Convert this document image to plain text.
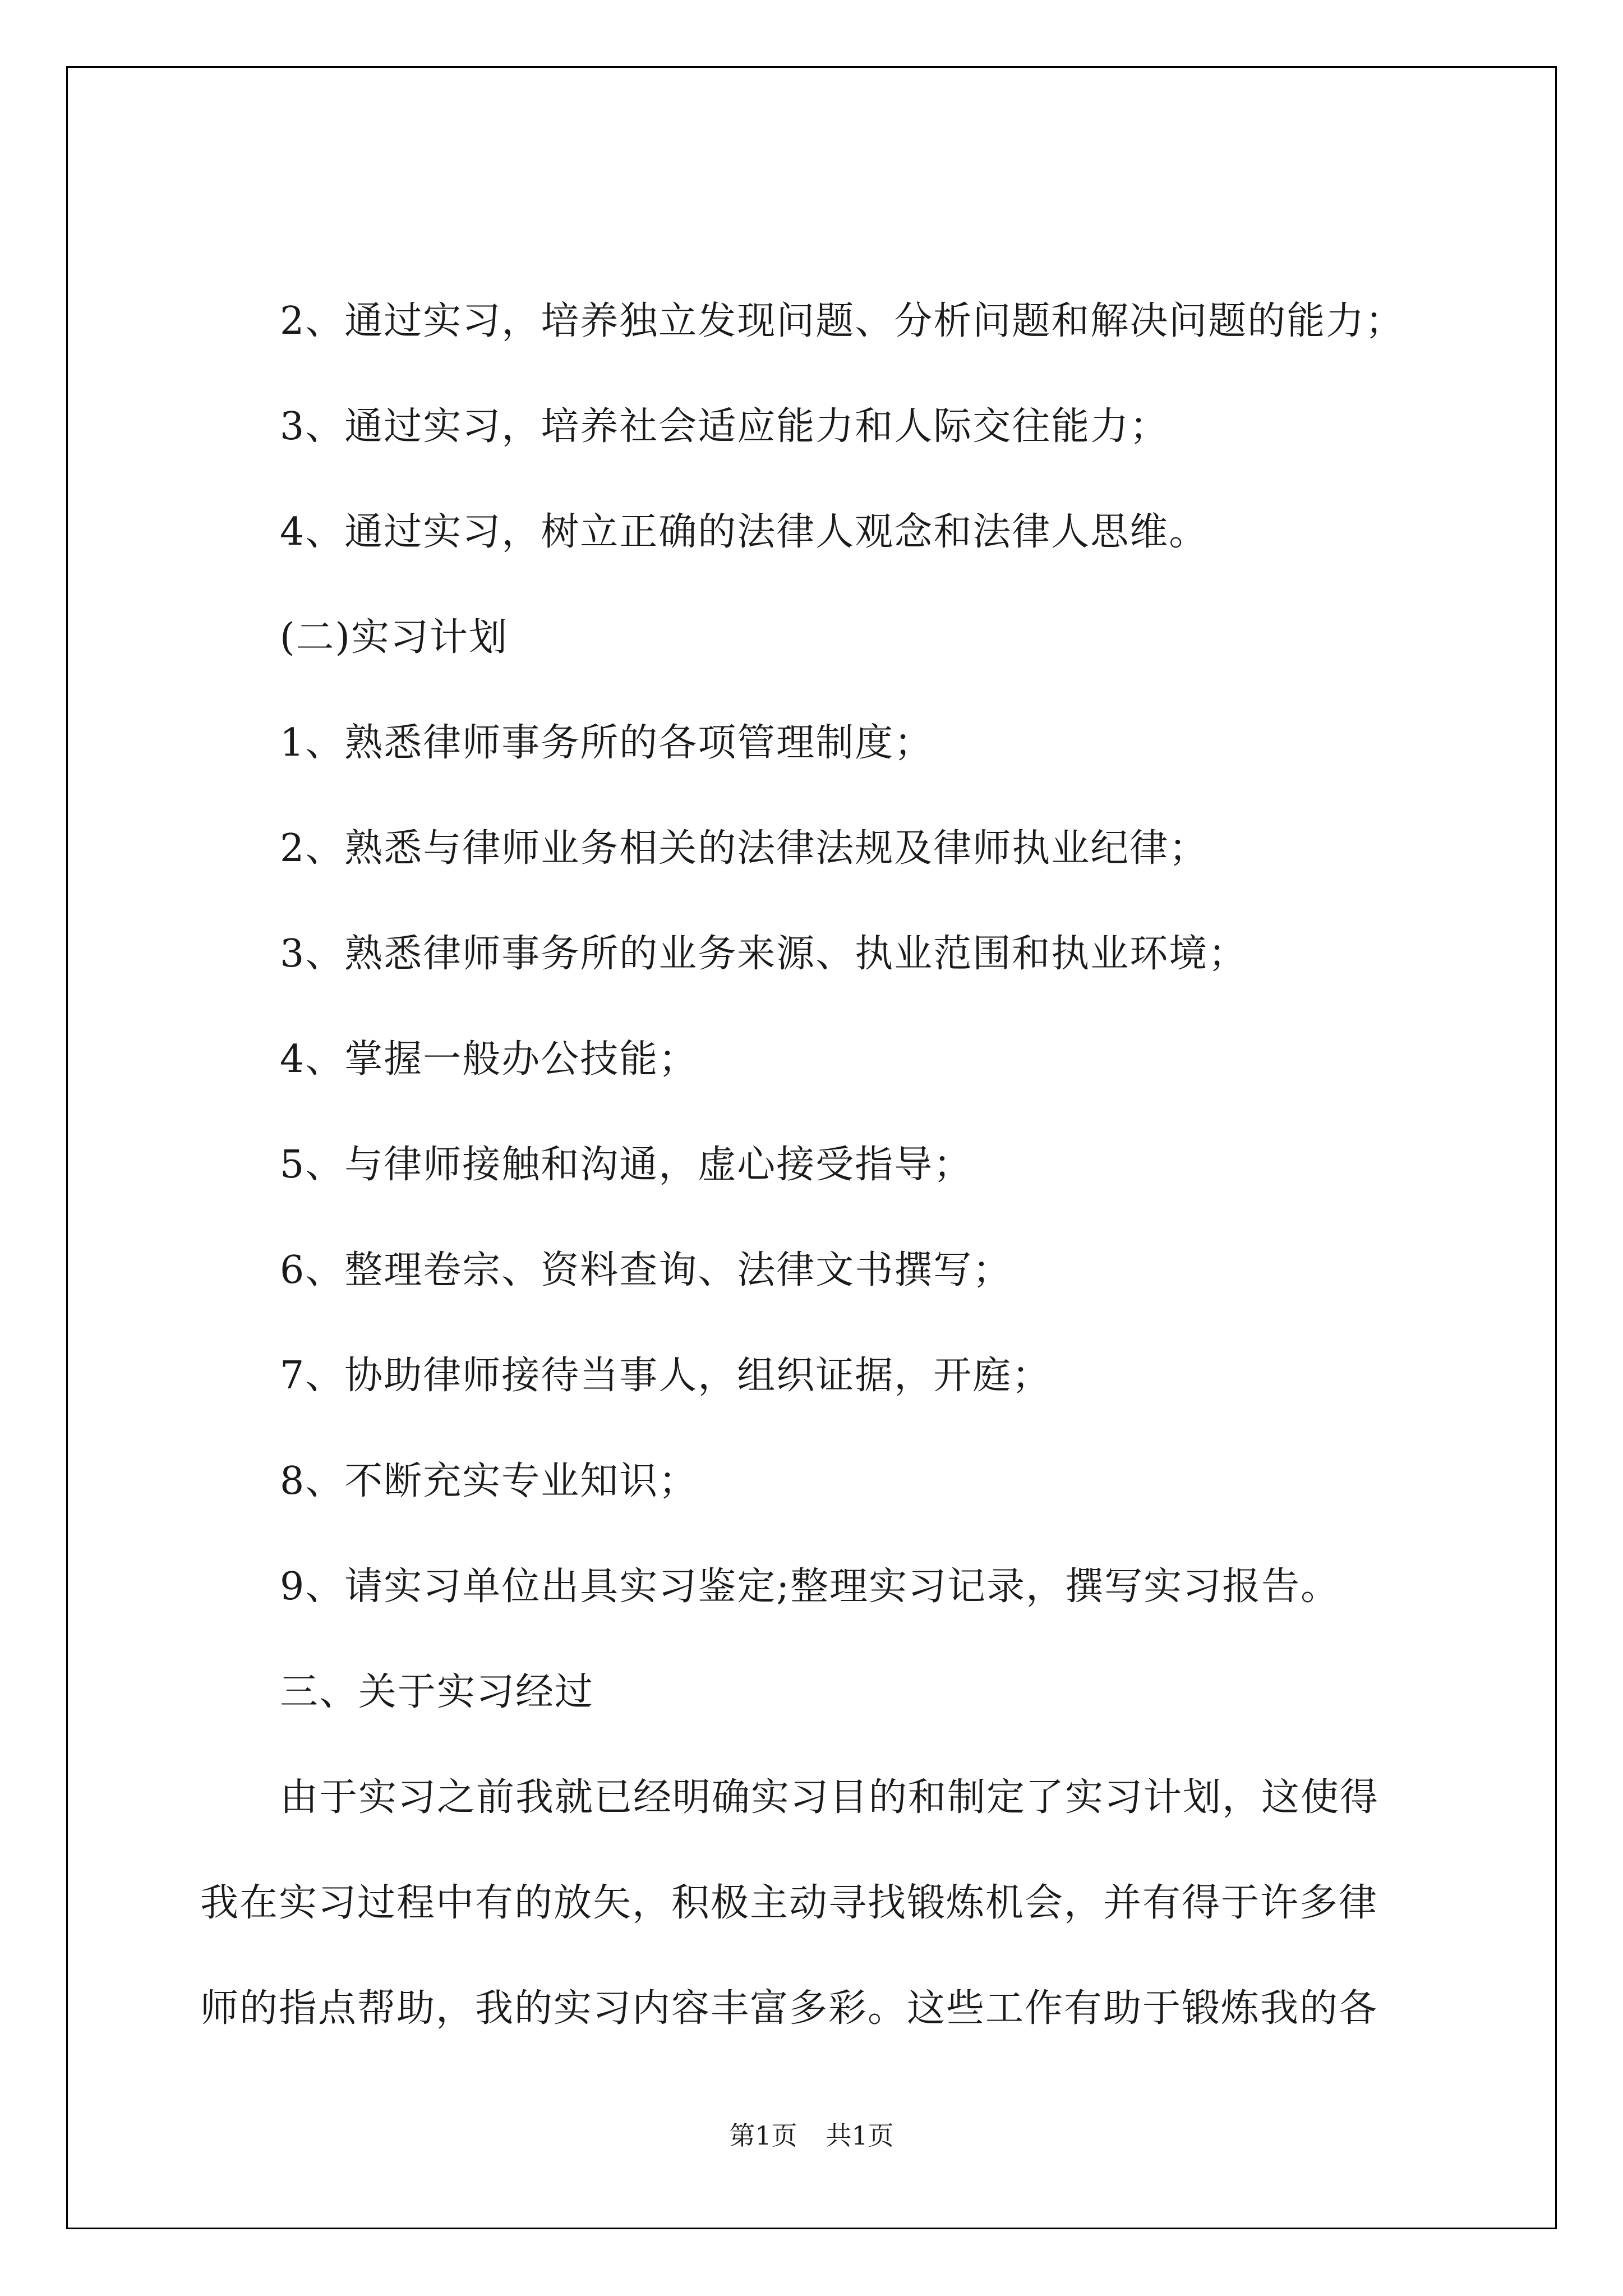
2、通过实习，培养独立发现问题、分析问题和解决问题的能力；
3、通过实习，培养社会适应能力和人际交往能力；
4、通过实习，树立正确的法律人观念和法律人思维。
(二)实习计划
1、熟悉律师事务所的各项管理制度；
2、熟悉与律师业务相关的法律法规及律师执业纪律；
3、熟悉律师事务所的业务来源、执业范围和执业环境；
4、掌握一般办公技能；
5、与律师接触和沟通，虚心接受指导；
6、整理卷宗、资料查询、法律文书撰写；
7、协助律师接待当事人，组织证据，开庭；
8、不断充实专业知识；
9、请实习单位出具实习鉴定;整理实习记录，撰写实习报告。
三、关于实习经过
由于实习之前我就已经明确实习目的和制定了实习计划，这使得
我在实习过程中有的放矢，积极主动寻找锻炼机会，并有得于许多律
师的指点帮助，我的实习内容丰富多彩。这些工作有助于锻炼我的各
第1页 共1页
